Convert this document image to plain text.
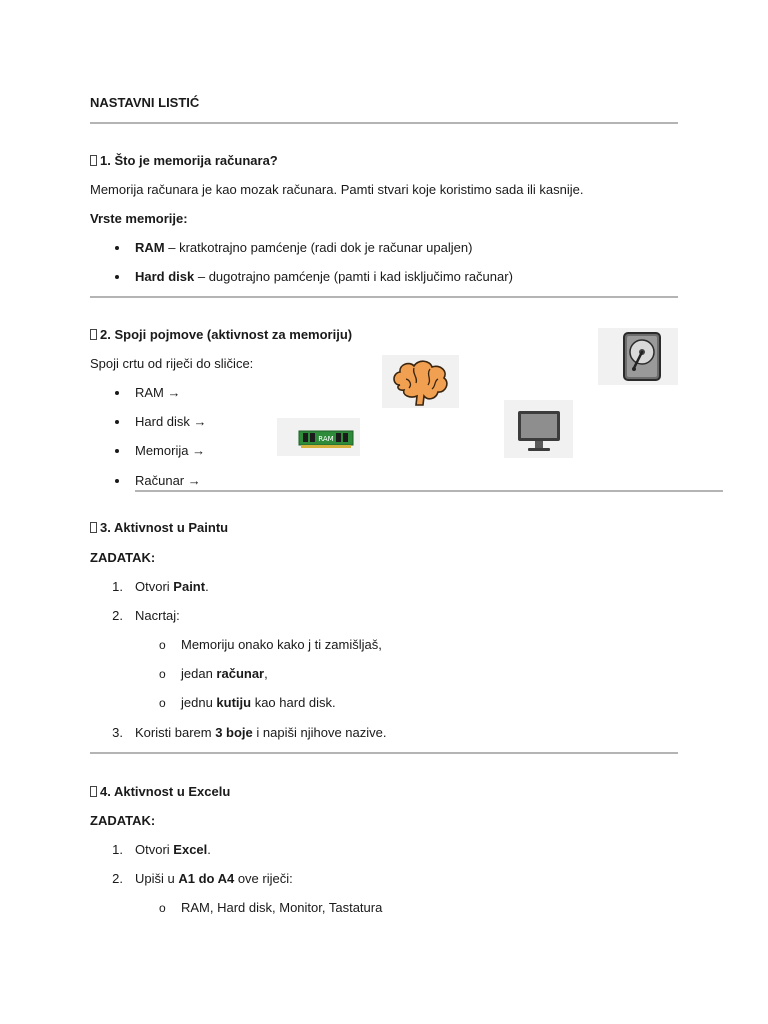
NASTAVNI LISTIĆ
1. Što je memorija računara?
Memorija računara je kao mozak računara. Pamti stvari koje koristimo sada ili kasnije.
Vrste memorije:
RAM – kratkotrajno pamćenje (radi dok je računar upaljen)
Hard disk – dugotrajno pamćenje (pamti i kad isključimo računar)
2. Spoji pojmove (aktivnost za memoriju)
Spoji crtu od riječi do sličice:
RAM →
Hard disk →
Memorija →
Računar →
RAM
3. Aktivnost u Paintu
ZADATAK:
1. Otvori Paint.
2. Nacrtaj:
o Memoriju onako kako j ti zamišljaš,
o jedan računar,
o jednu kutiju kao hard disk.
3. Koristi barem 3 boje i napiši njihove nazive.
4. Aktivnost u Excelu
ZADATAK:
1. Otvori Excel.
2. Upiši u A1 do A4 ove riječi:
o RAM, Hard disk, Monitor, Tastatura
